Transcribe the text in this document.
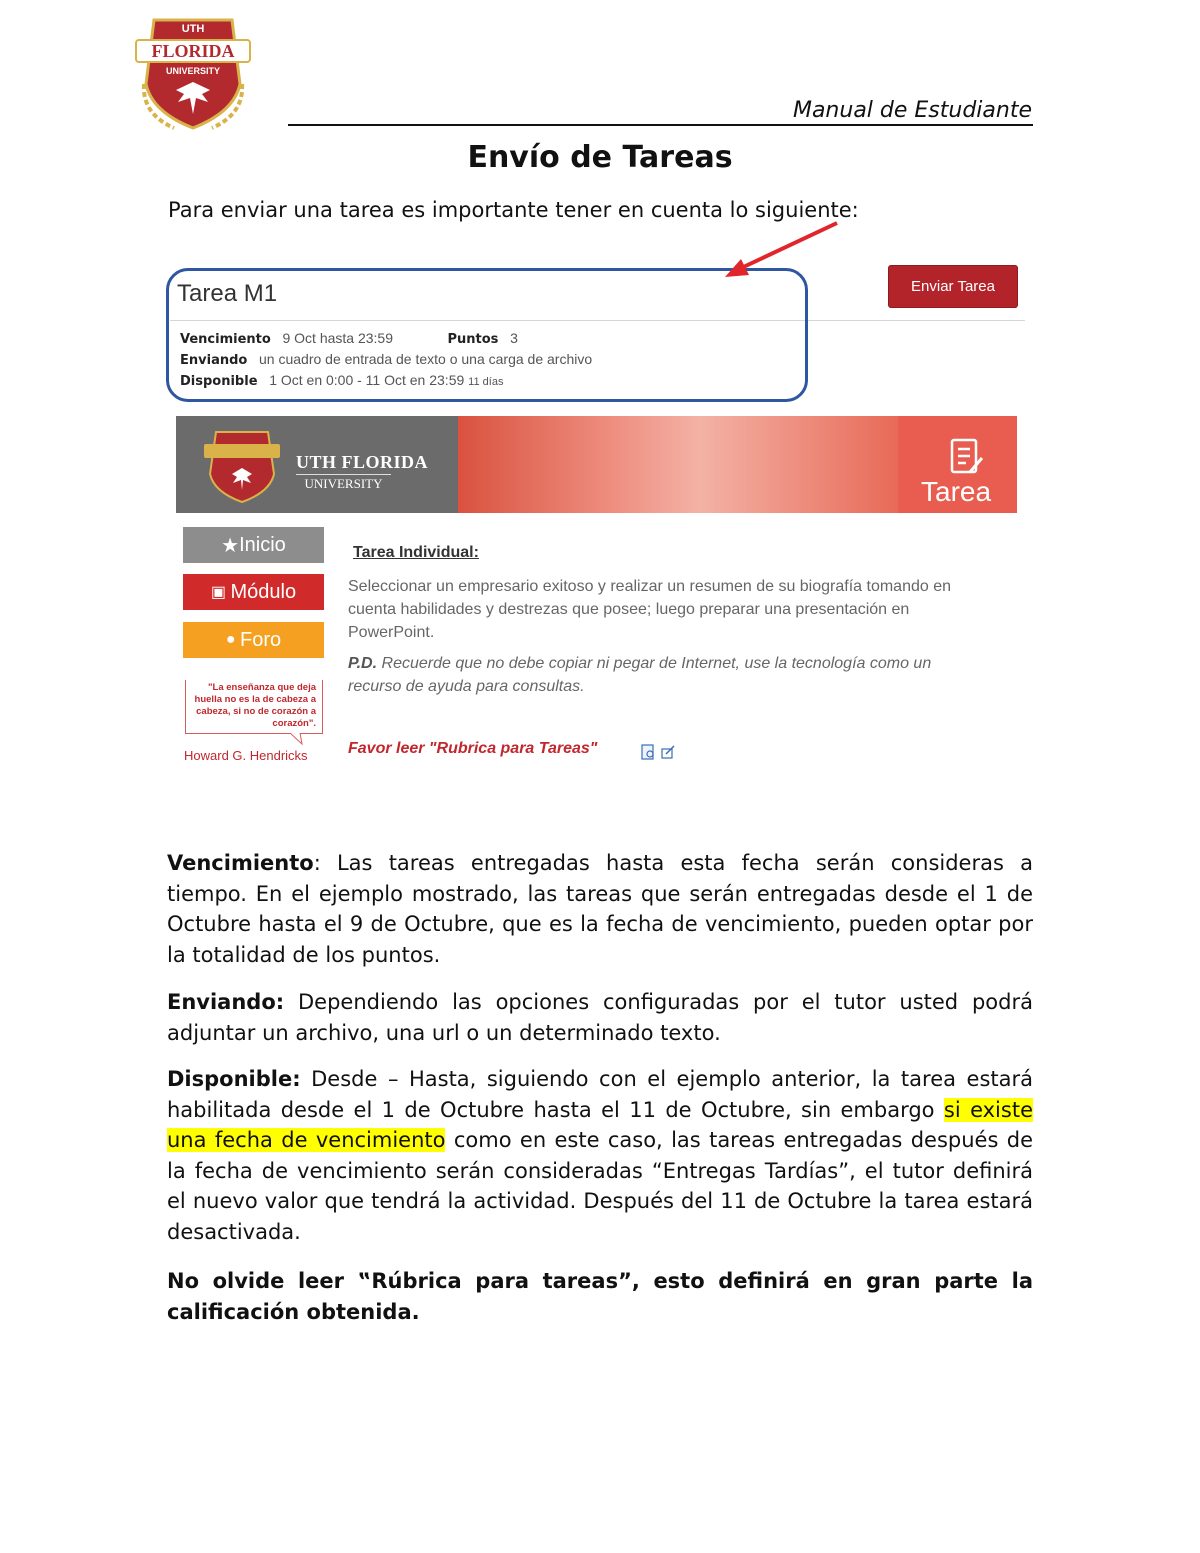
UTH
FLORIDA
UNIVERSITY
Manual de Estudiante
Envío de Tareas
Para enviar una tarea es importante tener en cuenta lo siguiente:
Tarea M1
Vencimiento 9 Oct hasta 23:59	Puntos 3
Enviando un cuadro de entrada de texto o una carga de archivo
Disponible 1 Oct en 0:00 - 11 Oct en 23:59 11 días
Enviar Tarea
UTH FLORIDA
UNIVERSITY	Tarea
★ Inicio
▣ Módulo
● Foro
"La enseñanza que deja huella no es la de cabeza a cabeza, si no de corazón a corazón".
Howard G. Hendricks
Tarea Individual:
Seleccionar un empresario exitoso y realizar un resumen de su biografía tomando en cuenta habilidades y destrezas que posee; luego preparar una presentación en PowerPoint.
P.D. Recuerde que no debe copiar ni pegar de Internet, use la tecnología como un recurso de ayuda para consultas.
Favor leer "Rubrica para Tareas"
Vencimiento: Las tareas entregadas hasta esta fecha serán consideras a tiempo. En el ejemplo mostrado, las tareas que serán entregadas desde el 1 de Octubre hasta el 9 de Octubre, que es la fecha de vencimiento, pueden optar por la totalidad de los puntos.
Enviando: Dependiendo las opciones configuradas por el tutor usted podrá adjuntar un archivo, una url o un determinado texto.
Disponible: Desde – Hasta, siguiendo con el ejemplo anterior, la tarea estará habilitada desde el 1 de Octubre hasta el 11 de Octubre, sin embargo si existe una fecha de vencimiento como en este caso, las tareas entregadas después de la fecha de vencimiento serán consideradas “Entregas Tardías”, el tutor definirá el nuevo valor que tendrá la actividad. Después del 11 de Octubre la tarea estará desactivada.
No olvide leer ‟Rúbrica para tareas”, esto definirá en gran parte la calificación obtenida.
